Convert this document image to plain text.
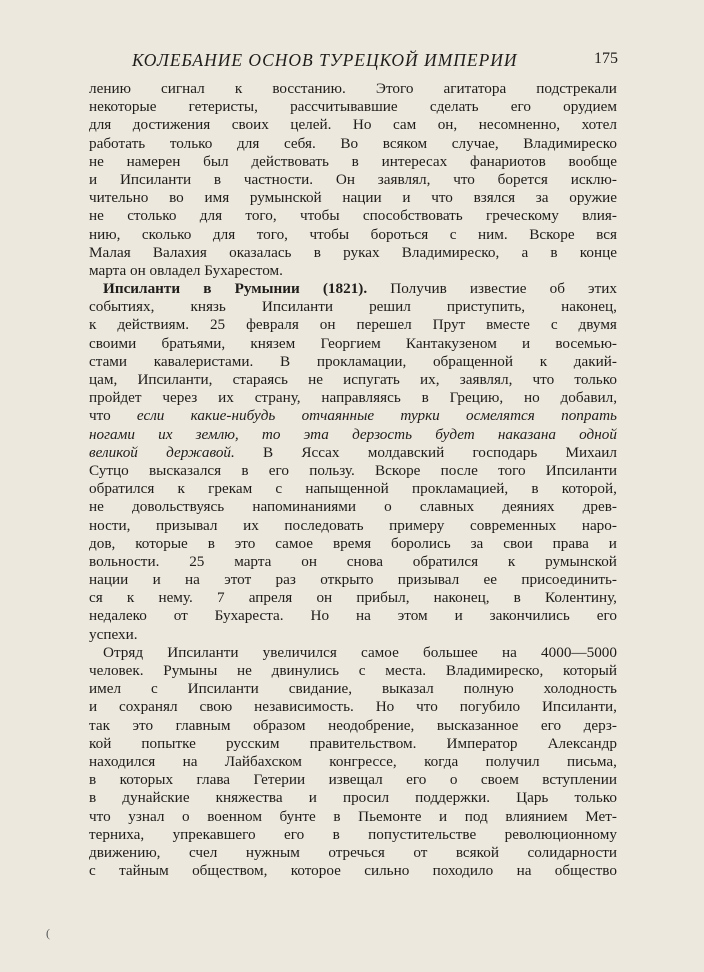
КОЛЕБАНИЕ ОСНОВ ТУРЕЦКОЙ ИМПЕРИИ	175
лению сигнал к восстанию. Этого агитатора подстрекали
некоторые гетеристы, рассчитывавшие сделать его орудием
для достижения своих целей. Но сам он, несомненно, хотел
работать только для себя. Во всяком случае, Владимиреско
не намерен был действовать в интересах фанариотов вообще
и Ипсиланти в частности. Он заявлял, что борется исклю-
чительно во имя румынской нации и что взялся за оружие
не столько для того, чтобы способствовать греческому влия-
нию, сколько для того, чтобы бороться с ним. Вскоре вся
Малая Валахия оказалась в руках Владимиреско, а в конце
марта
он
овладел
Бухарестом.
Ипсиланти в Румынии (1821). Получив известие об этих
событиях, князь Ипсиланти решил приступить, наконец,
к действиям. 25 февраля он перешел Прут вместе с двумя
своими братьями, князем Георгием Кантакузеном и восемью-
стами кавалеристами. В прокламации, обращенной к дакий-
цам, Ипсиланти, стараясь не испугать их, заявлял, что только
пройдет через их страну, направляясь в Грецию, но добавил,
что если какие-нибудь отчаянные турки осмелятся попрать
ногами их землю, то эта дерзость будет наказана одной
великой державой. В Яссах молдавский господарь Михаил
Сутцо высказался в его пользу. Вскоре после того Ипсиланти
обратился к грекам с напыщенной прокламацией, в которой,
не довольствуясь напоминаниями о славных деяниях древ-
ности, призывал их последовать примеру современных наро-
дов, которые в это самое время боролись за свои права и
вольности. 25 марта он снова обратился к румынской
нации и на этот раз открыто призывал ее присоединить-
ся к нему. 7 апреля он прибыл, наконец, в Колентину,
недалеко от Бухареста. Но на этом и закончились его
успехи.
Отряд Ипсиланти увеличился самое большее на 4000—5000
человек. Румыны не двинулись с места. Владимиреско, который
имел с Ипсиланти свидание, выказал полную холодность
и сохранял свою независимость. Но что погубило Ипсиланти,
так это главным образом неодобрение, высказанное его дерз-
кой попытке русским правительством. Император Александр
находился на Лайбахском конгрессе, когда получил письма,
в которых глава Гетерии извещал его о своем вступлении
в дунайские княжества и просил поддержки. Царь только
что узнал о военном бунте в Пьемонте и под влиянием Мет-
терниха, упрекавшего его в попустительстве революционному
движению, счел нужным отречься от всякой солидарности
с тайным обществом, которое сильно походило на общество
(
